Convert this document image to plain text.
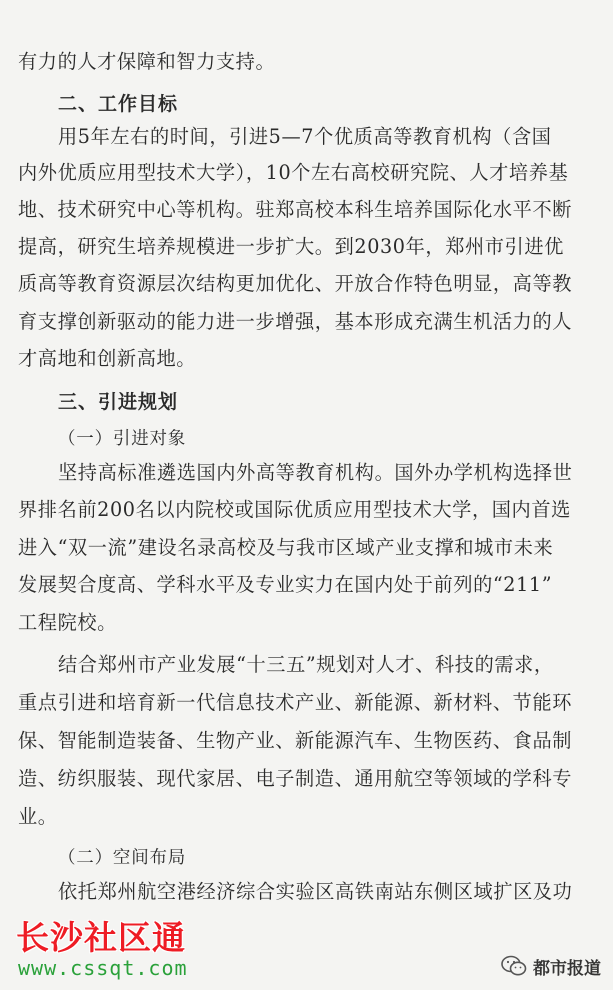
有力的人才保障和智力支持。
二、工作目标
用5年左右的时间，引进5—7个优质高等教育机构（含国
内外优质应用型技术大学），10个左右高校研究院、人才培养基
地、技术研究中心等机构。驻郑高校本科生培养国际化水平不断
提高，研究生培养规模进一步扩大。到2030年，郑州市引进优
质高等教育资源层次结构更加优化、开放合作特色明显，高等教
育支撑创新驱动的能力进一步增强，基本形成充满生机活力的人
才高地和创新高地。
三、引进规划
（一）引进对象
坚持高标准遴选国内外高等教育机构。国外办学机构选择世
界排名前200名以内院校或国际优质应用型技术大学，国内首选
进入“双一流”建设名录高校及与我市区域产业支撑和城市未来
发展契合度高、学科水平及专业实力在国内处于前列的“211”
工程院校。
结合郑州市产业发展“十三五”规划对人才、科技的需求，
重点引进和培育新一代信息技术产业、新能源、新材料、节能环
保、智能制造装备、生物产业、新能源汽车、生物医药、食品制
造、纺织服装、现代家居、电子制造、通用航空等领域的学科专
业。
（二）空间布局
依托郑州航空港经济综合实验区高铁南站东侧区域扩区及功
长沙社区通
www.cssqt.com	都市报道
